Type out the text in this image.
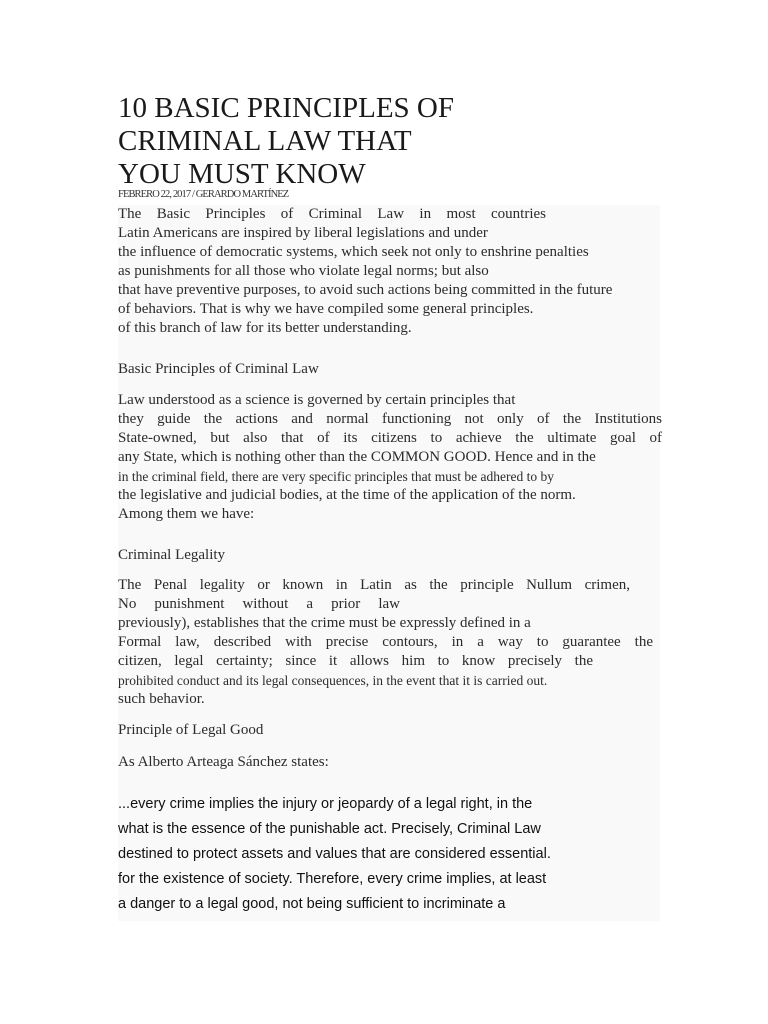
10 BASIC PRINCIPLES OF
CRIMINAL LAW THAT
YOU MUST KNOW
FEBRERO 22, 2017 / GERARDO MARTÍNEZ

The Basic Principles of Criminal Law in most countries
Latin Americans are inspired by liberal legislations and under
the influence of democratic systems, which seek not only to enshrine penalties
as punishments for all those who violate legal norms; but also
that have preventive purposes, to avoid such actions being committed in the future
of behaviors. That is why we have compiled some general principles.
of this branch of law for its better understanding.

Basic Principles of Criminal Law

Law understood as a science is governed by certain principles that
they guide the actions and normal functioning not only of the Institutions
State-owned, but also that of its citizens to achieve the ultimate goal of
any State, which is nothing other than the COMMON GOOD. Hence and in the
in the criminal field, there are very specific principles that must be adhered to by
the legislative and judicial bodies, at the time of the application of the norm.
Among them we have:

Criminal Legality

The Penal legality or known in Latin as the principle Nullum crimen,
No punishment without a prior law
previously), establishes that the crime must be expressly defined in a
Formal law, described with precise contours, in a way to guarantee the
citizen, legal certainty; since it allows him to know precisely the
prohibited conduct and its legal consequences, in the event that it is carried out.
such behavior.

Principle of Legal Good

As Alberto Arteaga Sánchez states:

...every crime implies the injury or jeopardy of a legal right, in the
what is the essence of the punishable act. Precisely, Criminal Law
destined to protect assets and values that are considered essential.
for the existence of society. Therefore, every crime implies, at least
a danger to a legal good, not being sufficient to incriminate a
